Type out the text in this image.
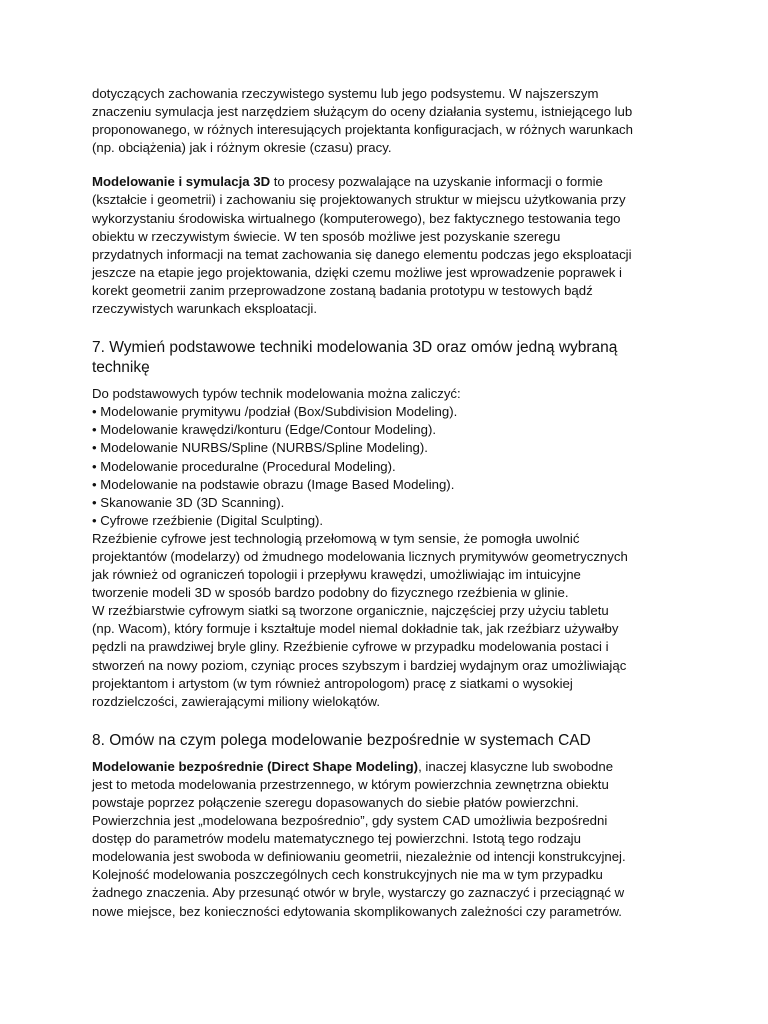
dotyczących zachowania rzeczywistego systemu lub jego podsystemu. W najszerszym
znaczeniu symulacja jest narzędziem służącym do oceny działania systemu, istniejącego lub
proponowanego, w różnych interesujących projektanta konfiguracjach, w różnych warunkach
(np. obciążenia) jak i różnym okresie (czasu) pracy.

Modelowanie i symulacja 3D to procesy pozwalające na uzyskanie informacji o formie
(kształcie i geometrii) i zachowaniu się projektowanych struktur w miejscu użytkowania przy
wykorzystaniu środowiska wirtualnego (komputerowego), bez faktycznego testowania tego
obiektu w rzeczywistym świecie. W ten sposób możliwe jest pozyskanie szeregu
przydatnych informacji na temat zachowania się danego elementu podczas jego eksploatacji
jeszcze na etapie jego projektowania, dzięki czemu możliwe jest wprowadzenie poprawek i
korekt geometrii zanim przeprowadzone zostaną badania prototypu w testowych bądź
rzeczywistych warunkach eksploatacji.

7. Wymień podstawowe techniki modelowania 3D oraz omów jedną wybraną
technikę

Do podstawowych typów technik modelowania można zaliczyć:

• Modelowanie prymitywu /podział (Box/Subdivision Modeling).
• Modelowanie krawędzi/konturu (Edge/Contour Modeling).
• Modelowanie NURBS/Spline (NURBS/Spline Modeling).
• Modelowanie proceduralne (Procedural Modeling).
• Modelowanie na podstawie obrazu (Image Based Modeling).
• Skanowanie 3D (3D Scanning).
• Cyfrowe rzeźbienie (Digital Sculpting).

Rzeźbienie cyfrowe jest technologią przełomową w tym sensie, że pomogła uwolnić
projektantów (modelarzy) od żmudnego modelowania licznych prymitywów geometrycznych
jak również od ograniczeń topologii i przepływu krawędzi, umożliwiając im intuicyjne
tworzenie modeli 3D w sposób bardzo podobny do fizycznego rzeźbienia w glinie.
W rzeźbiarstwie cyfrowym siatki są tworzone organicznie, najczęściej przy użyciu tabletu
(np. Wacom), który formuje i kształtuje model niemal dokładnie tak, jak rzeźbiarz używałby
pędzli na prawdziwej bryle gliny. Rzeźbienie cyfrowe w przypadku modelowania postaci i
stworzeń na nowy poziom, czyniąc proces szybszym i bardziej wydajnym oraz umożliwiając
projektantom i artystom (w tym również antropologom) pracę z siatkami o wysokiej
rozdzielczości, zawierającymi miliony wielokątów.

8. Omów na czym polega modelowanie bezpośrednie w systemach CAD

Modelowanie bezpośrednie (Direct Shape Modeling), inaczej klasyczne lub swobodne
jest to metoda modelowania przestrzennego, w którym powierzchnia zewnętrzna obiektu
powstaje poprzez połączenie szeregu dopasowanych do siebie płatów powierzchni.
Powierzchnia jest „modelowana bezpośrednio”, gdy system CAD umożliwia bezpośredni
dostęp do parametrów modelu matematycznego tej powierzchni. Istotą tego rodzaju
modelowania jest swoboda w definiowaniu geometrii, niezależnie od intencji konstrukcyjnej.
Kolejność modelowania poszczególnych cech konstrukcyjnych nie ma w tym przypadku
żadnego znaczenia. Aby przesunąć otwór w bryle, wystarczy go zaznaczyć i przeciągnąć w
nowe miejsce, bez konieczności edytowania skomplikowanych zależności czy parametrów.
